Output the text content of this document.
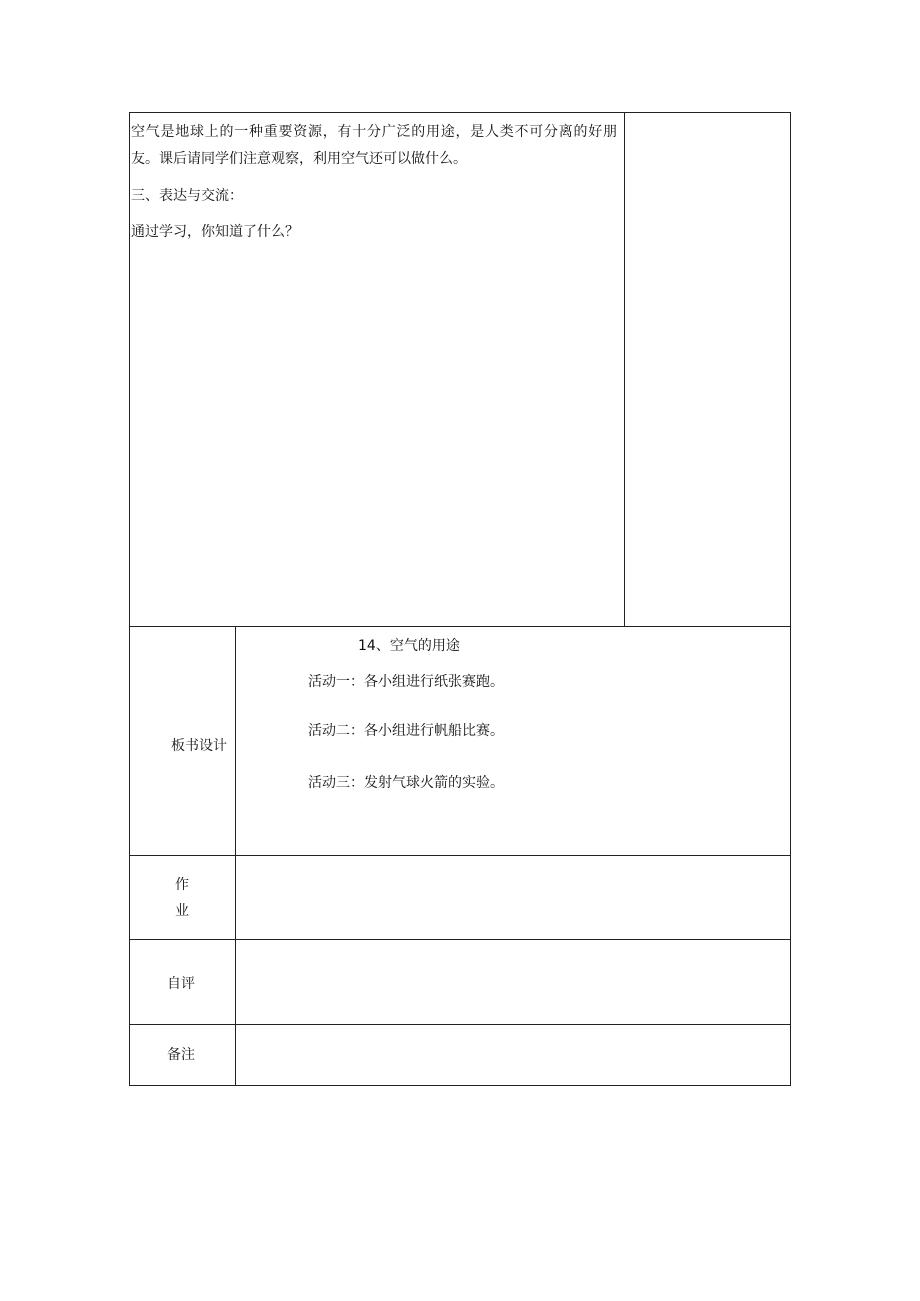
空气是地球上的一种重要资源，有十分广泛的用途，是人类不可分离的好朋友。课后请同学们注意观察，利用空气还可以做什么。
三、表达与交流：
通过学习，你知道了什么？
板书设计
14、空气的用途
活动一：各小组进行纸张赛跑。
活动二：各小组进行帆船比赛。
活动三：发射气球火箭的实验。
作
业
自评
备注
